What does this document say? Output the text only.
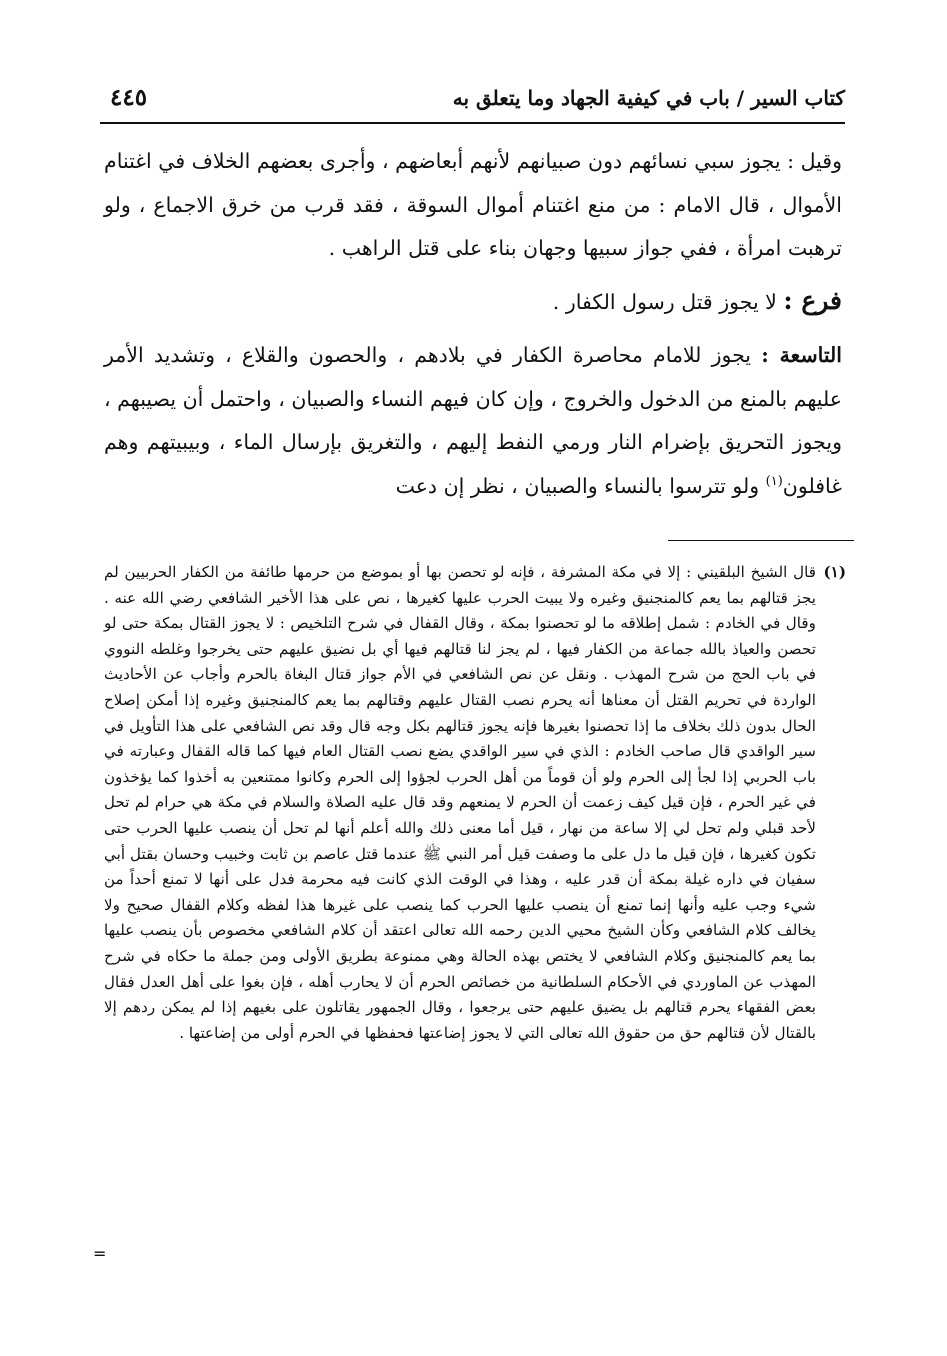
كتاب السير / باب في كيفية الجهاد وما يتعلق به
٤٤٥

وقيل : يجوز سبي نسائهم دون صبيانهم لأنهم أبعاضهم ، وأجرى بعضهم الخلاف في اغتنام الأموال ، قال الامام : من منع اغتنام أموال السوقة ، فقد قرب من خرق الاجماع ، ولو ترهبت امرأة ، ففي جواز سبيها وجهان بناء على قتل الراهب .

فرع : لا يجوز قتل رسول الكفار .

التاسعة : يجوز للامام محاصرة الكفار في بلادهم ، والحصون والقلاع ، وتشديد الأمر عليهم بالمنع من الدخول والخروج ، وإن كان فيهم النساء والصبيان ، واحتمل أن يصيبهم ، ويجوز التحريق بإضرام النار ورمي النفط إليهم ، والتغريق بإرسال الماء ، وبيبيتهم وهم غافلون$^{(١)}$ ولو تترسوا بالنساء والصبيان ، نظر إن دعت

(١)
قال الشيخ البلقيني : إلا في مكة المشرفة ، فإنه لو تحصن بها أو بموضع من حرمها طائفة من الكفار الحربيين لم يجز قتالهم بما يعم كالمنجنيق وغيره ولا يبيت الحرب عليها كغيرها ، نص على هذا الأخير الشافعي رضي الله عنه . وقال في الخادم : شمل إطلاقه ما لو تحصنوا بمكة ، وقال القفال في شرح التلخيص : لا يجوز القتال بمكة حتى لو تحصن والعياذ بالله جماعة من الكفار فيها ، لم يجز لنا قتالهم فيها أي بل نضيق عليهم حتى يخرجوا وغلطه النووي في باب الحج من شرح المهذب . ونقل عن نص الشافعي في الأم جواز قتال البغاة بالحرم وأجاب عن الأحاديث الواردة في تحريم القتل أن معناها أنه يحرم نصب القتال عليهم وقتالهم بما يعم كالمنجنيق وغيره إذا أمكن إصلاح الحال بدون ذلك بخلاف ما إذا تحصنوا بغيرها فإنه يجوز قتالهم بكل وجه قال وقد نص الشافعي على هذا التأويل في سير الواقدي قال صاحب الخادم : الذي في سير الواقدي يضع نصب القتال العام فيها كما قاله القفال وعبارته في باب الحربي إذا لجأ إلى الحرم ولو أن قوماً من أهل الحرب لجؤوا إلى الحرم وكانوا ممتنعين به أخذوا كما يؤخذون في غير الحرم ، فإن قيل كيف زعمت أن الحرم لا يمنعهم وقد قال عليه الصلاة والسلام في مكة هي حرام لم تحل لأحد قبلي ولم تحل لي إلا ساعة من نهار ، قيل أما معنى ذلك والله أعلم أنها لم تحل أن ينصب عليها الحرب حتى تكون كغيرها ، فإن قيل ما دل على ما وصفت قيل أمر النبي ﷺ عندما قتل عاصم بن ثابت وخبيب وحسان بقتل أبي سفيان في داره غيلة بمكة أن قدر عليه ، وهذا في الوقت الذي كانت فيه محرمة فدل على أنها لا تمنع أحداً من شيء وجب عليه وأنها إنما تمنع أن ينصب عليها الحرب كما ينصب على غيرها هذا لفظه وكلام القفال صحيح ولا يخالف كلام الشافعي وكأن الشيخ محيي الدين رحمه الله تعالى اعتقد أن كلام الشافعي مخصوص بأن ينصب عليها بما يعم كالمنجنيق وكلام الشافعي لا يختص بهذه الحالة وهي ممنوعة بطريق الأولى ومن جملة ما حكاه في شرح المهذب عن الماوردي في الأحكام السلطانية من خصائص الحرم أن لا يحارب أهله ، فإن بغوا على أهل العدل فقال بعض الفقهاء يحرم قتالهم بل يضيق عليهم حتى يرجعوا ، وقال الجمهور يقاتلون على بغيهم إذا لم يمكن ردهم إلا بالقتال لأن قتالهم حق من حقوق الله تعالى التي لا يجوز إضاعتها فحفظها في الحرم أولى من إضاعتها .
=
